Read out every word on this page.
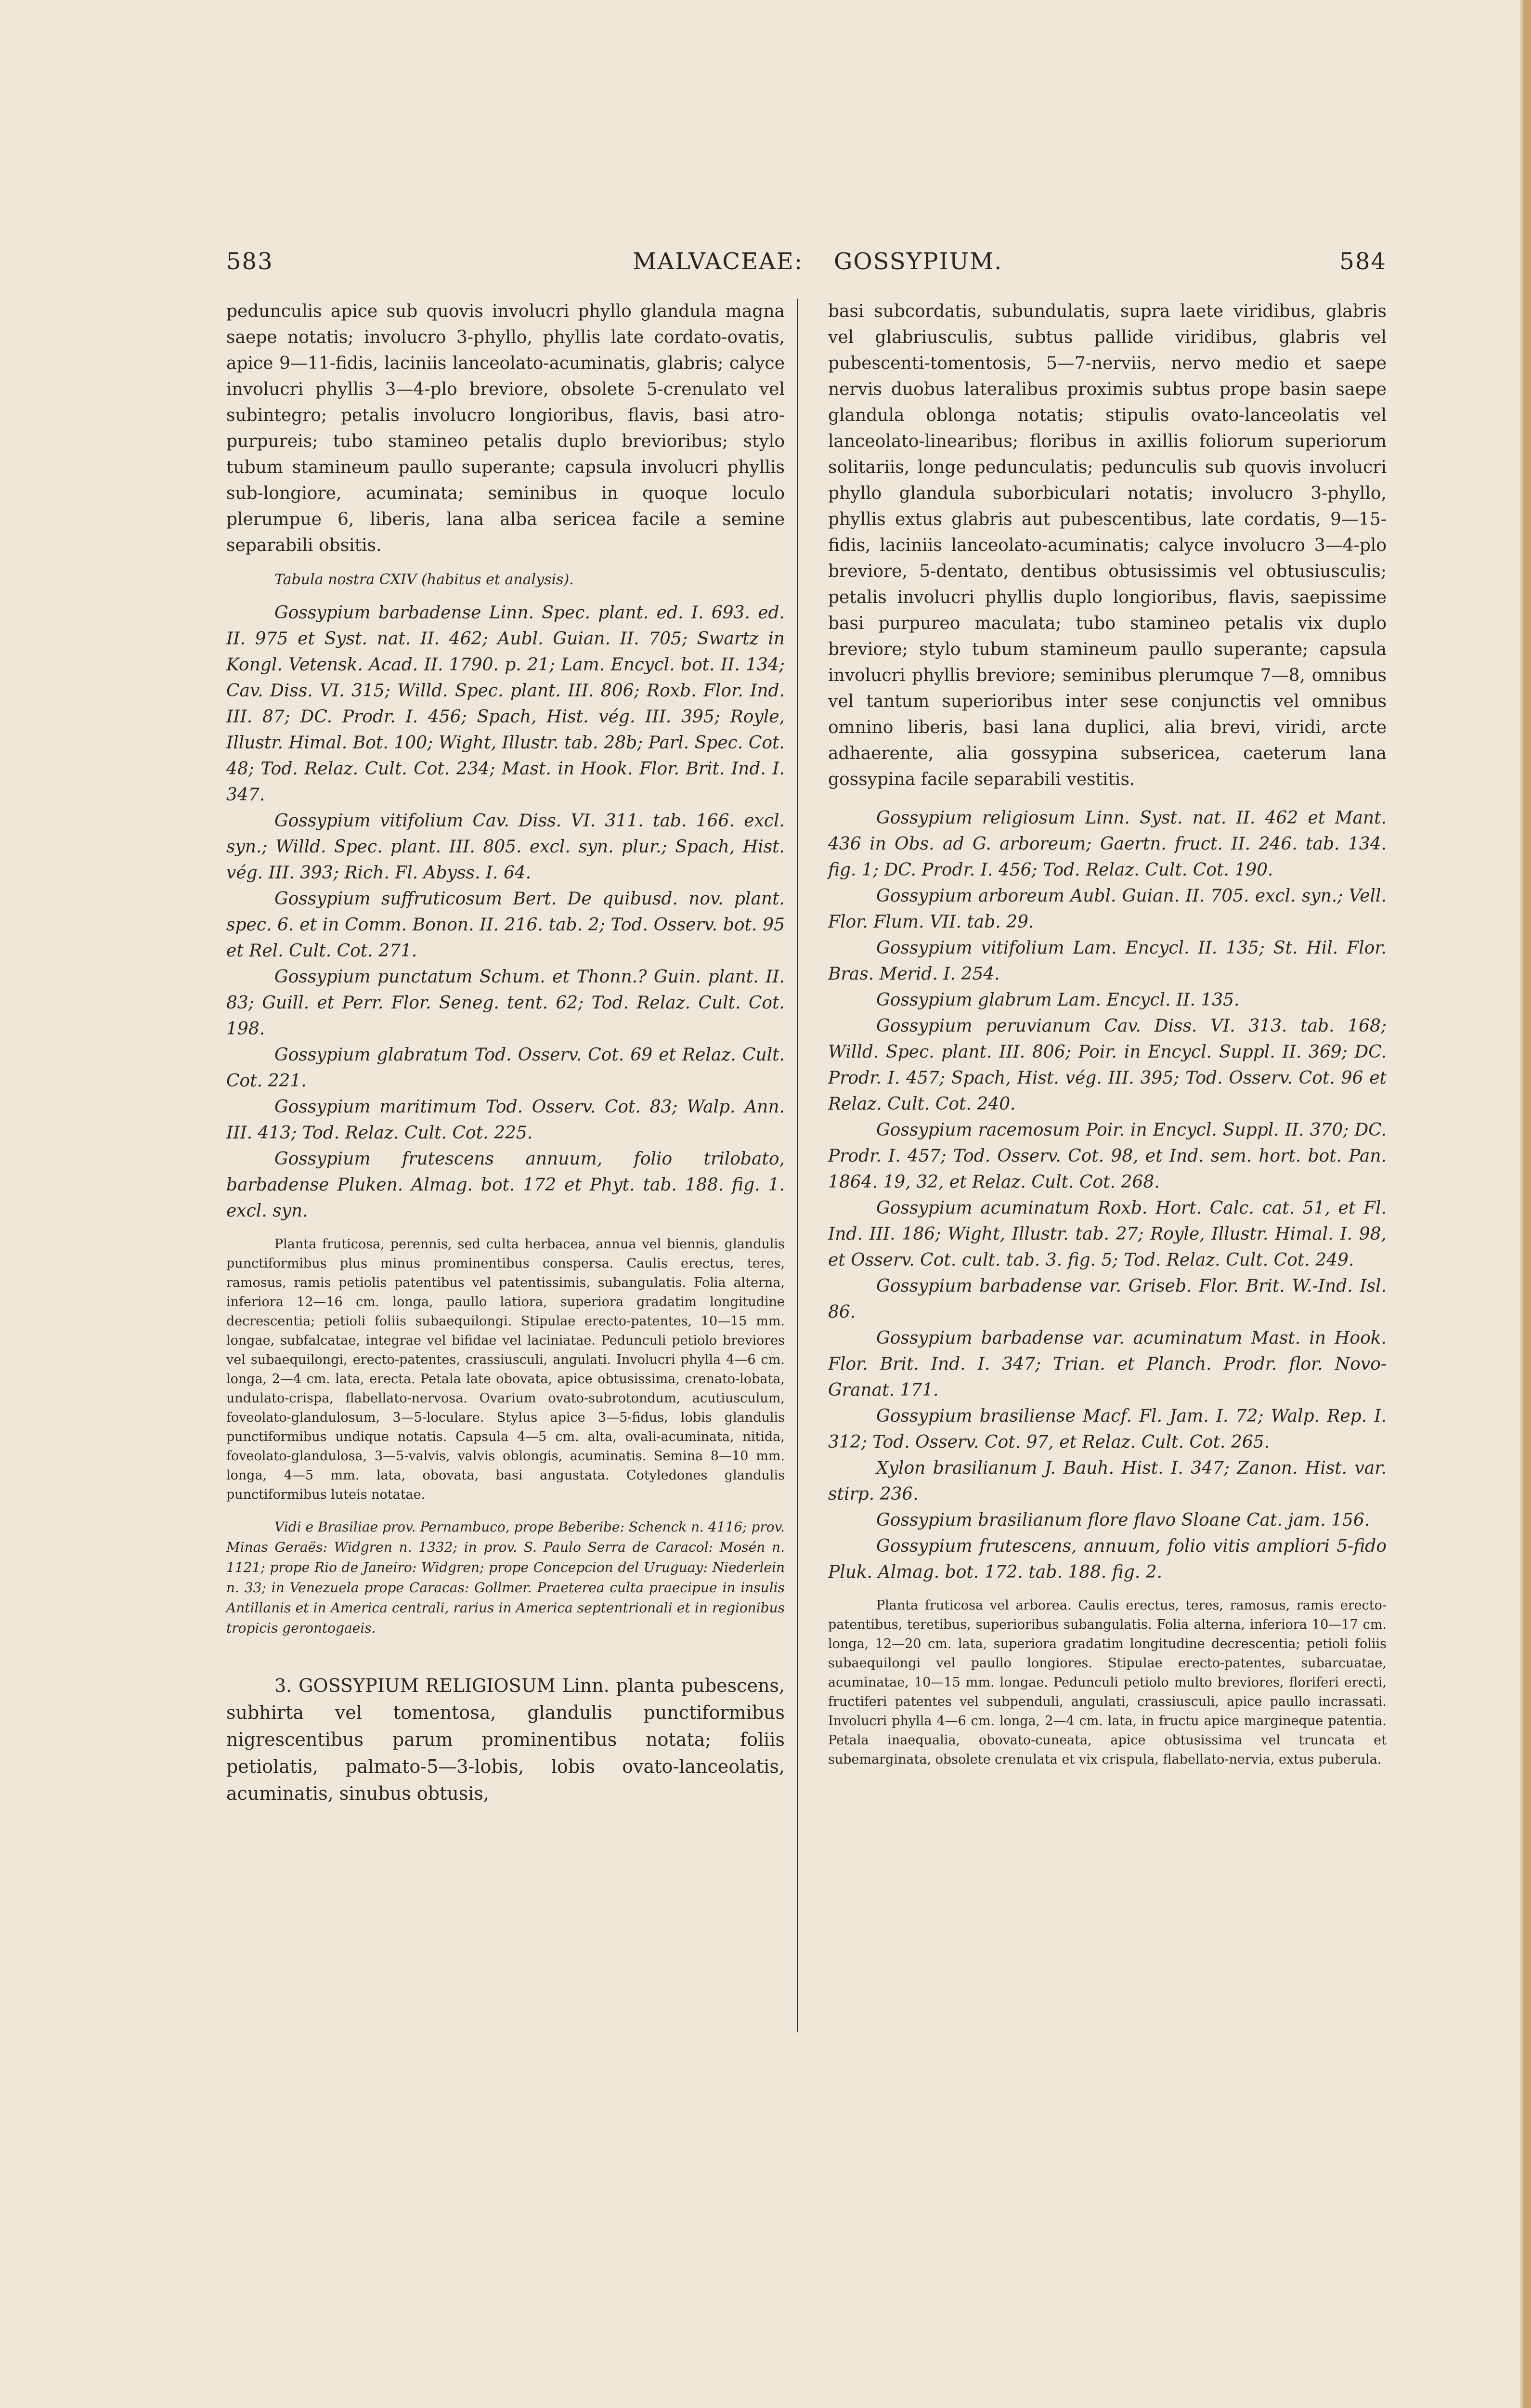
583	MALVACEAE: GOSSYPIUM.	584

pedunculis apice sub quovis involucri phyllo glandula magna saepe notatis; involucro 3-phyllo, phyllis late cordato-ovatis, apice 9—11-fidis, laciniis lanceolato-acuminatis, glabris; calyce involucri phyllis 3—4-plo breviore, obsolete 5-crenulato vel subintegro; petalis involucro longioribus, flavis, basi atro-purpureis; tubo stamineo petalis duplo brevioribus; stylo tubum stamineum paullo superante; capsula involucri phyllis sub-longiore, acuminata; seminibus in quoque loculo plerumpue 6, liberis, lana alba sericea facile a semine separabili obsitis.

Tabula nostra CXIV (habitus et analysis).

Gossypium barbadense Linn. Spec. plant. ed. I. 693. ed. II. 975 et Syst. nat. II. 462; Aubl. Guian. II. 705; Swartz in Kongl. Vetensk. Acad. II. 1790. p. 21; Lam. Encycl. bot. II. 134; Cav. Diss. VI. 315; Willd. Spec. plant. III. 806; Roxb. Flor. Ind. III. 87; DC. Prodr. I. 456; Spach, Hist. vég. III. 395; Royle, Illustr. Himal. Bot. 100; Wight, Illustr. tab. 28b; Parl. Spec. Cot. 48; Tod. Relaz. Cult. Cot. 234; Mast. in Hook. Flor. Brit. Ind. I. 347.

Gossypium vitifolium Cav. Diss. VI. 311. tab. 166. excl. syn.; Willd. Spec. plant. III. 805. excl. syn. plur.; Spach, Hist. vég. III. 393; Rich. Fl. Abyss. I. 64.

Gossypium suffruticosum Bert. De quibusd. nov. plant. spec. 6. et in Comm. Bonon. II. 216. tab. 2; Tod. Osserv. bot. 95 et Rel. Cult. Cot. 271.

Gossypium punctatum Schum. et Thonn.? Guin. plant. II. 83; Guill. et Perr. Flor. Seneg. tent. 62; Tod. Relaz. Cult. Cot. 198.

Gossypium glabratum Tod. Osserv. Cot. 69 et Relaz. Cult. Cot. 221.

Gossypium maritimum Tod. Osserv. Cot. 83; Walp. Ann. III. 413; Tod. Relaz. Cult. Cot. 225.

Gossypium frutescens annuum, folio trilobato, barbadense Pluken. Almag. bot. 172 et Phyt. tab. 188. fig. 1. excl. syn.

Planta fruticosa, perennis, sed culta herbacea, annua vel biennis, glandulis punctiformibus plus minus prominentibus conspersa. Caulis erectus, teres, ramosus, ramis petiolis patentibus vel patentissimis, subangulatis. Folia alterna, inferiora 12—16 cm. longa, paullo latiora, superiora gradatim longitudine decrescentia; petioli foliis subaequilongi. Stipulae erecto-patentes, 10—15 mm. longae, subfalcatae, integrae vel bifidae vel laciniatae. Pedunculi petiolo breviores vel subaequilongi, erecto-patentes, crassiusculi, angulati. Involucri phylla 4—6 cm. longa, 2—4 cm. lata, erecta. Petala late obovata, apice obtusissima, crenato-lobata, undulato-crispa, flabellato-nervosa. Ovarium ovato-subrotondum, acutiusculum, foveolato-glandulosum, 3—5-loculare. Stylus apice 3—5-fidus, lobis glandulis punctiformibus undique notatis. Capsula 4—5 cm. alta, ovali-acuminata, nitida, foveolato-glandulosa, 3—5-valvis, valvis oblongis, acuminatis. Semina 8—10 mm. longa, 4—5 mm. lata, obovata, basi angustata. Cotyledones glandulis punctiformibus luteis notatae.

Vidi e Brasiliae prov. Pernambuco, prope Beberibe: Schenck n. 4116; prov. Minas Geraës: Widgren n. 1332; in prov. S. Paulo Serra de Caracol: Mosén n. 1121; prope Rio de Janeiro: Widgren; prope Concepcion del Uruguay: Niederlein n. 33; in Venezuela prope Caracas: Gollmer. Praeterea culta praecipue in insulis Antillanis et in America centrali, rarius in America septentrionali et in regionibus tropicis gerontogaeis.

3. GOSSYPIUM RELIGIOSUM Linn. planta pubescens, subhirta vel tomentosa, glandulis punctiformibus nigrescentibus parum prominentibus notata; foliis petiolatis, palmato-5—3-lobis, lobis ovato-lanceolatis, acuminatis, sinubus obtusis,

basi subcordatis, subundulatis, supra laete viridibus, glabris vel glabriusculis, subtus pallide viridibus, glabris vel pubescenti-tomentosis, 5—7-nerviis, nervo medio et saepe nervis duobus lateralibus proximis subtus prope basin saepe glandula oblonga notatis; stipulis ovato-lanceolatis vel lanceolato-linearibus; floribus in axillis foliorum superiorum solitariis, longe pedunculatis; pedunculis sub quovis involucri phyllo glandula suborbiculari notatis; involucro 3-phyllo, phyllis extus glabris aut pubescentibus, late cordatis, 9—15-fidis, laciniis lanceolato-acuminatis; calyce involucro 3—4-plo breviore, 5-dentato, dentibus obtusissimis vel obtusiusculis; petalis involucri phyllis duplo longioribus, flavis, saepissime basi purpureo maculata; tubo stamineo petalis vix duplo breviore; stylo tubum stamineum paullo superante; capsula involucri phyllis breviore; seminibus plerumque 7—8, omnibus vel tantum superioribus inter sese conjunctis vel omnibus omnino liberis, basi lana duplici, alia brevi, viridi, arcte adhaerente, alia gossypina subsericea, caeterum lana gossypina facile separabili vestitis.

Gossypium religiosum Linn. Syst. nat. II. 462 et Mant. 436 in Obs. ad G. arboreum; Gaertn. fruct. II. 246. tab. 134. fig. 1; DC. Prodr. I. 456; Tod. Relaz. Cult. Cot. 190.

Gossypium arboreum Aubl. Guian. II. 705. excl. syn.; Vell. Flor. Flum. VII. tab. 29.

Gossypium vitifolium Lam. Encycl. II. 135; St. Hil. Flor. Bras. Merid. I. 254.

Gossypium glabrum Lam. Encycl. II. 135.

Gossypium peruvianum Cav. Diss. VI. 313. tab. 168; Willd. Spec. plant. III. 806; Poir. in Encycl. Suppl. II. 369; DC. Prodr. I. 457; Spach, Hist. vég. III. 395; Tod. Osserv. Cot. 96 et Relaz. Cult. Cot. 240.

Gossypium racemosum Poir. in Encycl. Suppl. II. 370; DC. Prodr. I. 457; Tod. Osserv. Cot. 98, et Ind. sem. hort. bot. Pan. 1864. 19, 32, et Relaz. Cult. Cot. 268.

Gossypium acuminatum Roxb. Hort. Calc. cat. 51, et Fl. Ind. III. 186; Wight, Illustr. tab. 27; Royle, Illustr. Himal. I. 98, et Osserv. Cot. cult. tab. 3. fig. 5; Tod. Relaz. Cult. Cot. 249.

Gossypium barbadense var. Griseb. Flor. Brit. W.-Ind. Isl. 86.

Gossypium barbadense var. acuminatum Mast. in Hook. Flor. Brit. Ind. I. 347; Trian. et Planch. Prodr. flor. Novo-Granat. 171.

Gossypium brasiliense Macf. Fl. Jam. I. 72; Walp. Rep. I. 312; Tod. Osserv. Cot. 97, et Relaz. Cult. Cot. 265.

Xylon brasilianum J. Bauh. Hist. I. 347; Zanon. Hist. var. stirp. 236.

Gossypium brasilianum flore flavo Sloane Cat. jam. 156.

Gossypium frutescens, annuum, folio vitis ampliori 5-fido Pluk. Almag. bot. 172. tab. 188. fig. 2.

Planta fruticosa vel arborea. Caulis erectus, teres, ramosus, ramis erecto-patentibus, teretibus, superioribus subangulatis. Folia alterna, inferiora 10—17 cm. longa, 12—20 cm. lata, superiora gradatim longitudine decrescentia; petioli foliis subaequilongi vel paullo longiores. Stipulae erecto-patentes, subarcuatae, acuminatae, 10—15 mm. longae. Pedunculi petiolo multo breviores, floriferi erecti, fructiferi patentes vel subpenduli, angulati, crassiusculi, apice paullo incrassati. Involucri phylla 4—6 cm. longa, 2—4 cm. lata, in fructu apice margineque patentia. Petala inaequalia, obovato-cuneata, apice obtusissima vel truncata et subemarginata, obsolete crenulata et vix crispula, flabellato-nervia, extus puberula.
